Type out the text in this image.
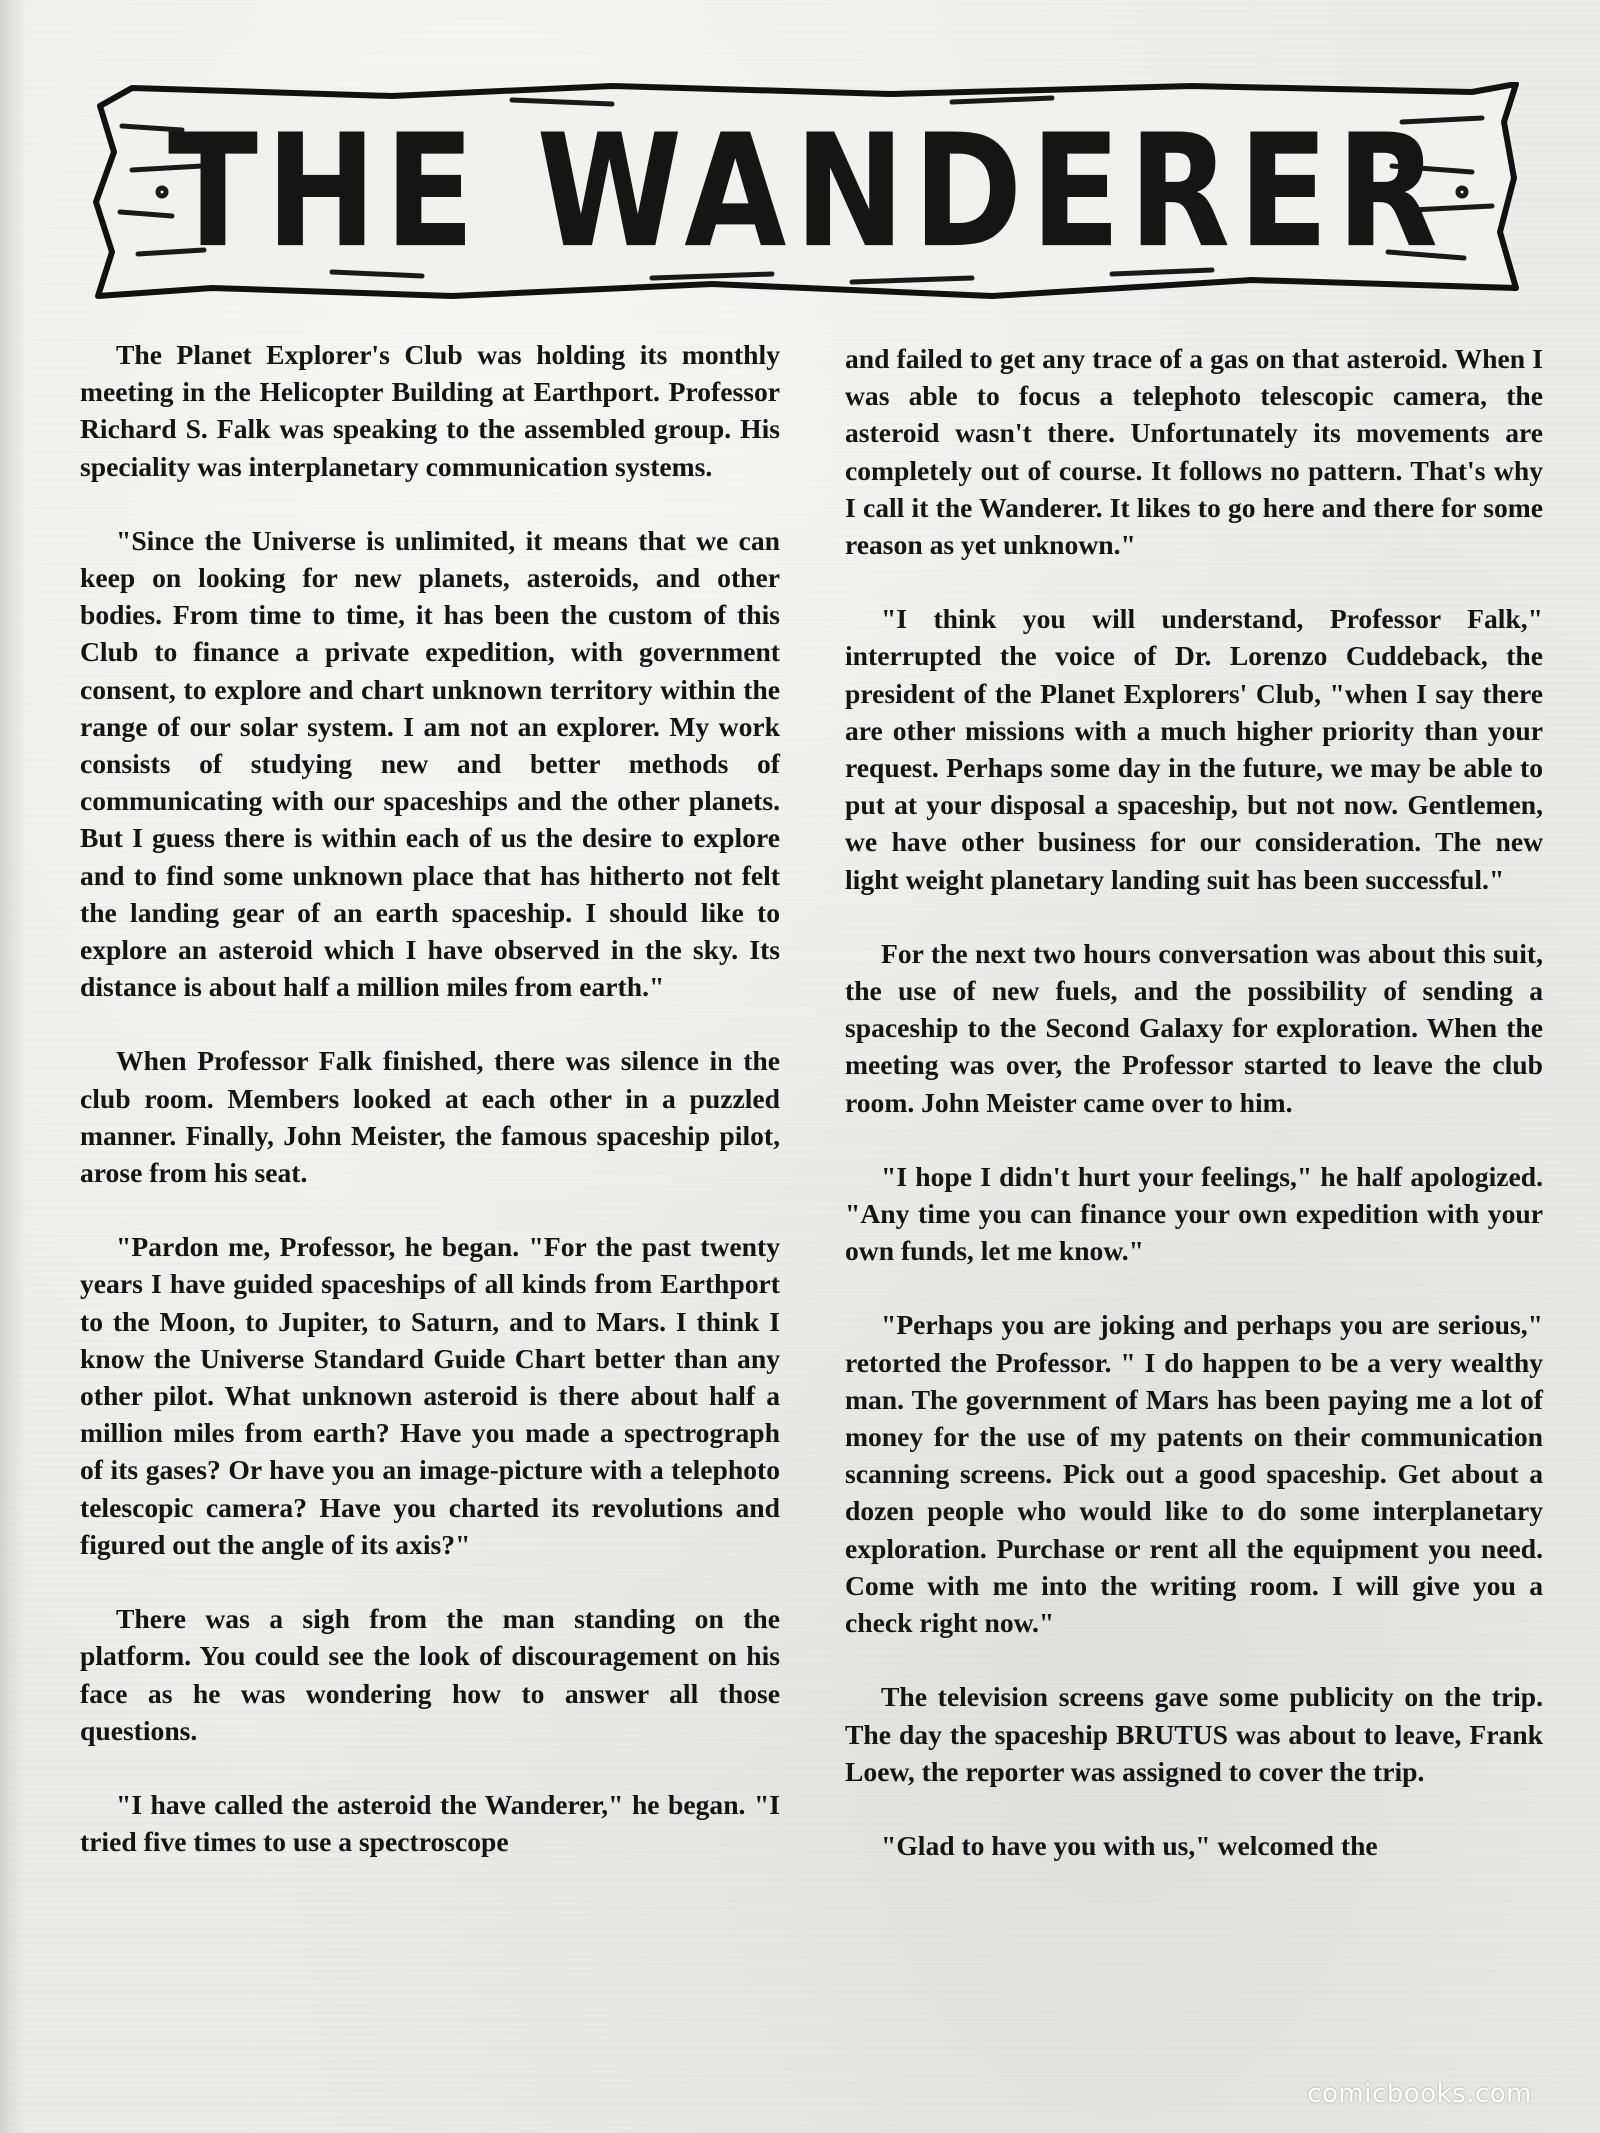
THE WANDERER

The Planet Explorer's Club was holding its monthly meeting in the Helicopter Building at Earthport. Professor Richard S. Falk was speaking to the assembled group. His speciality was interplanetary communication systems.

"Since the Universe is unlimited, it means that we can keep on looking for new planets, asteroids, and other bodies. From time to time, it has been the custom of this Club to finance a private expedition, with government consent, to explore and chart unknown territory within the range of our solar system. I am not an explorer. My work consists of studying new and better methods of communicating with our spaceships and the other planets. But I guess there is within each of us the desire to explore and to find some unknown place that has hitherto not felt the landing gear of an earth spaceship. I should like to explore an asteroid which I have observed in the sky. Its distance is about half a million miles from earth."

When Professor Falk finished, there was silence in the club room. Members looked at each other in a puzzled manner. Finally, John Meister, the famous spaceship pilot, arose from his seat.

"Pardon me, Professor, he began. "For the past twenty years I have guided spaceships of all kinds from Earthport to the Moon, to Jupiter, to Saturn, and to Mars. I think I know the Universe Standard Guide Chart better than any other pilot. What unknown asteroid is there about half a million miles from earth? Have you made a spectrograph of its gases? Or have you an image-picture with a telephoto telescopic camera? Have you charted its revolutions and figured out the angle of its axis?"

There was a sigh from the man standing on the platform. You could see the look of discouragement on his face as he was wondering how to answer all those questions.

"I have called the asteroid the Wanderer," he began. "I tried five times to use a spectroscope

and failed to get any trace of a gas on that asteroid. When I was able to focus a telephoto telescopic camera, the asteroid wasn't there. Unfortunately its movements are completely out of course. It follows no pattern. That's why I call it the Wanderer. It likes to go here and there for some reason as yet unknown."

"I think you will understand, Professor Falk," interrupted the voice of Dr. Lorenzo Cuddeback, the president of the Planet Explorers' Club, "when I say there are other missions with a much higher priority than your request. Perhaps some day in the future, we may be able to put at your disposal a spaceship, but not now. Gentlemen, we have other business for our consideration. The new light weight planetary landing suit has been successful."

For the next two hours conversation was about this suit, the use of new fuels, and the possibility of sending a spaceship to the Second Galaxy for exploration. When the meeting was over, the Professor started to leave the club room. John Meister came over to him.

"I hope I didn't hurt your feelings," he half apologized. "Any time you can finance your own expedition with your own funds, let me know."

"Perhaps you are joking and perhaps you are serious," retorted the Professor. " I do happen to be a very wealthy man. The government of Mars has been paying me a lot of money for the use of my patents on their communication scanning screens. Pick out a good spaceship. Get about a dozen people who would like to do some interplanetary exploration. Purchase or rent all the equipment you need. Come with me into the writing room. I will give you a check right now."

The television screens gave some publicity on the trip. The day the spaceship BRUTUS was about to leave, Frank Loew, the reporter was assigned to cover the trip.

"Glad to have you with us," welcomed the

comicbooks.com
